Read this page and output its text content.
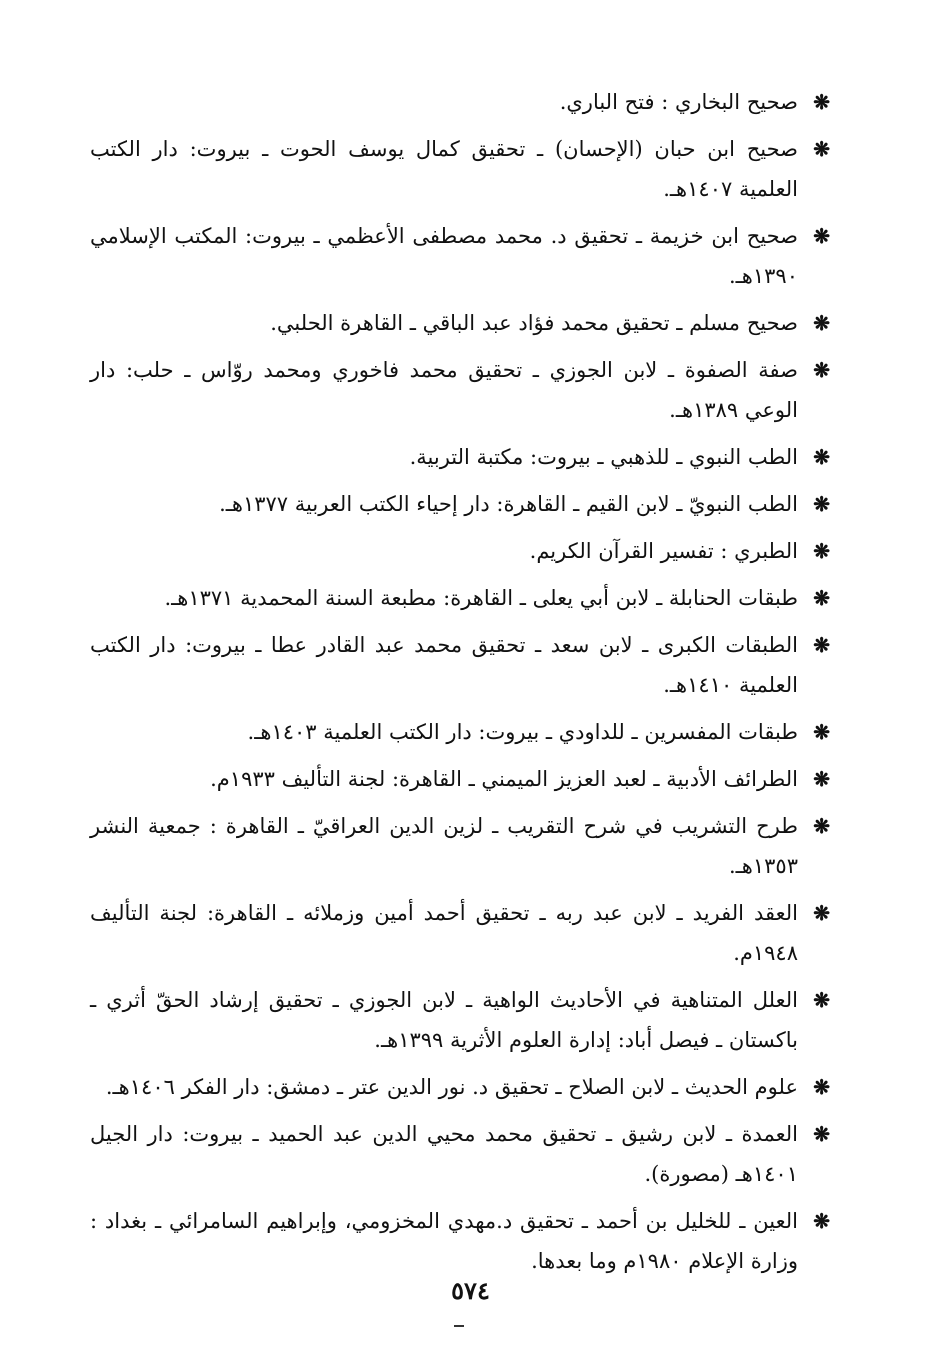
❋
صحيح البخاري : فتح الباري.
❋
صحيح ابن حبان (الإحسان) ـ تحقيق كمال يوسف الحوت ـ بيروت: دار الكتب العلمية ١٤٠٧هـ.
❋
صحيح ابن خزيمة ـ تحقيق د. محمد مصطفى الأعظمي ـ بيروت: المكتب الإسلامي ١٣٩٠هـ.
❋
صحيح مسلم ـ تحقيق محمد فؤاد عبد الباقي ـ القاهرة الحلبي.
❋
صفة الصفوة ـ لابن الجوزي ـ تحقيق محمد فاخوري ومحمد روّاس ـ حلب: دار الوعي ١٣٨٩هـ.
❋
الطب النبوي ـ للذهبي ـ بيروت: مكتبة التربية.
❋
الطب النبويّ ـ لابن القيم ـ القاهرة: دار إحياء الكتب العربية ١٣٧٧هـ.
❋
الطبري : تفسير القرآن الكريم.
❋
طبقات الحنابلة ـ لابن أبي يعلى ـ القاهرة: مطبعة السنة المحمدية ١٣٧١هـ.
❋
الطبقات الكبرى ـ لابن سعد ـ تحقيق محمد عبد القادر عطا ـ بيروت: دار الكتب العلمية ١٤١٠هـ.
❋
طبقات المفسرين ـ للداودي ـ بيروت: دار الكتب العلمية ١٤٠٣هـ.
❋
الطرائف الأدبية ـ لعبد العزيز الميمني ـ القاهرة: لجنة التأليف ١٩٣٣م.
❋
طرح التشريب في شرح التقريب ـ لزين الدين العراقيّ ـ القاهرة : جمعية النشر ١٣٥٣هـ.
❋
العقد الفريد ـ لابن عبد ربه ـ تحقيق أحمد أمين وزملائه ـ القاهرة: لجنة التأليف ١٩٤٨م.
❋
العلل المتناهية في الأحاديث الواهية ـ لابن الجوزي ـ تحقيق إرشاد الحقّ أثري ـ باكستان ـ فيصل أباد: إدارة العلوم الأثرية ١٣٩٩هـ.
❋
علوم الحديث ـ لابن الصلاح ـ تحقيق د. نور الدين عتر ـ دمشق: دار الفكر ١٤٠٦هـ.
❋
العمدة ـ لابن رشيق ـ تحقيق محمد محيي الدين عبد الحميد ـ بيروت: دار الجيل ١٤٠١هـ (مصورة).
❋
العين ـ للخليل بن أحمد ـ تحقيق د.مهدي المخزومي، وإبراهيم السامرائي ـ بغداد : وزارة الإعلام ١٩٨٠م وما بعدها.
٥٧٤
